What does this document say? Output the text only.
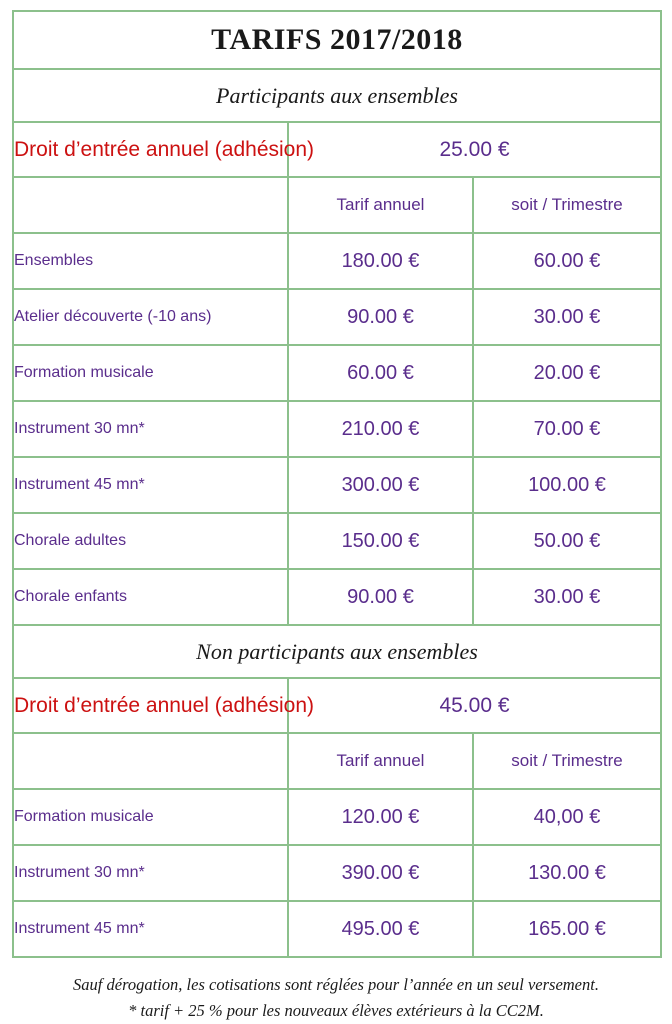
TARIFS 2017/2018		
Participants aux ensembles		
Droit d’entrée annuel (adhésion)	25.00 €	
	Tarif annuel	soit / Trimestre
Ensembles	180.00 €	60.00 €
Atelier découverte (-10 ans)	90.00 €	30.00 €
Formation musicale	60.00 €	20.00 €
Instrument 30 mn*	210.00 €	70.00 €
Instrument 45 mn*	300.00 €	100.00 €
Chorale adultes	150.00 €	50.00 €
Chorale enfants	90.00 €	30.00 €
Non participants aux ensembles		
Droit d’entrée annuel (adhésion)	45.00 €	
	Tarif annuel	soit / Trimestre
Formation musicale	120.00 €	40,00 €
Instrument 30 mn*	390.00 €	130.00 €
Instrument 45 mn*	495.00 €	165.00 €
Sauf dérogation, les cotisations sont réglées pour l’année en un seul versement.
* tarif + 25 % pour les nouveaux élèves extérieurs à la CC2M.
